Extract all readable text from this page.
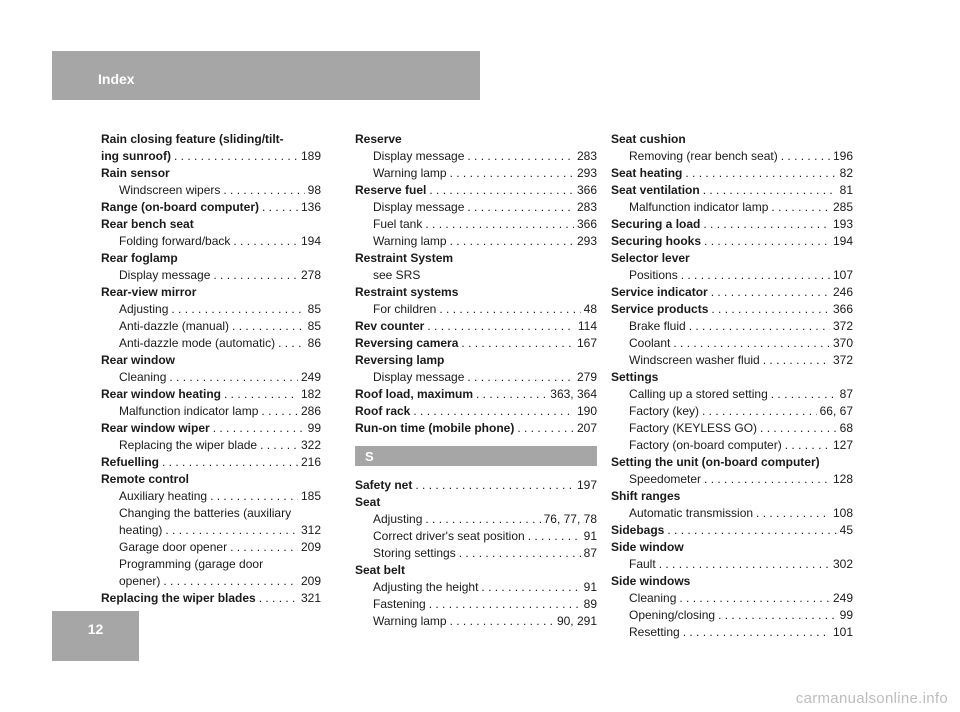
Index
Rain closing feature (sliding/tilt-
ing sunroof) . . .	189
Rain sensor
Windscreen wipers . . .	98
Range (on-board computer) . . .	136
Rear bench seat
Folding forward/back . . .	194
Rear foglamp
Display message . . .	278
Rear-view mirror
Adjusting . . .	85
Anti-dazzle (manual) . . .	85
Anti-dazzle mode (automatic) . . .	86
Rear window
Cleaning . . .	249
Rear window heating . . .	182
Malfunction indicator lamp . . .	286
Rear window wiper . . .	99
Replacing the wiper blade . . .	322
Refuelling . . .	216
Remote control
Auxiliary heating . . .	185
Changing the batteries (auxiliary
heating) . . .	312
Garage door opener . . .	209
Programming (garage door
opener) . . .	209
Replacing the wiper blades . . .	321
Reserve
Display message . . .	283
Warning lamp . . .	293
Reserve fuel . . .	366
Display message . . .	283
Fuel tank . . .	366
Warning lamp . . .	293
Restraint System
see SRS
Restraint systems
For children . . .	48
Rev counter . . .	114
Reversing camera . . .	167
Reversing lamp
Display message . . .	279
Roof load, maximum . . .	363, 364
Roof rack . . .	190
Run-on time (mobile phone) . . .	207
S
Safety net . . .	197
Seat
Adjusting . . .	76, 77, 78
Correct driver's seat position . . .	91
Storing settings . . .	87
Seat belt
Adjusting the height . . .	91
Fastening . . .	89
Warning lamp . . .	90, 291
Seat cushion
Removing (rear bench seat) . . .	196
Seat heating . . .	82
Seat ventilation . . .	81
Malfunction indicator lamp . . .	285
Securing a load . . .	193
Securing hooks . . .	194
Selector lever
Positions . . .	107
Service indicator . . .	246
Service products . . .	366
Brake fluid . . .	372
Coolant . . .	370
Windscreen washer fluid . . .	372
Settings
Calling up a stored setting . . .	87
Factory (key) . . .	66, 67
Factory (KEYLESS GO) . . .	68
Factory (on-board computer) . . .	127
Setting the unit (on-board computer)
Speedometer . . .	128
Shift ranges
Automatic transmission . . .	108
Sidebags . . .	45
Side window
Fault . . .	302
Side windows
Cleaning . . .	249
Opening/closing . . .	99
Resetting . . .	101
12
carmanualsonline.info
